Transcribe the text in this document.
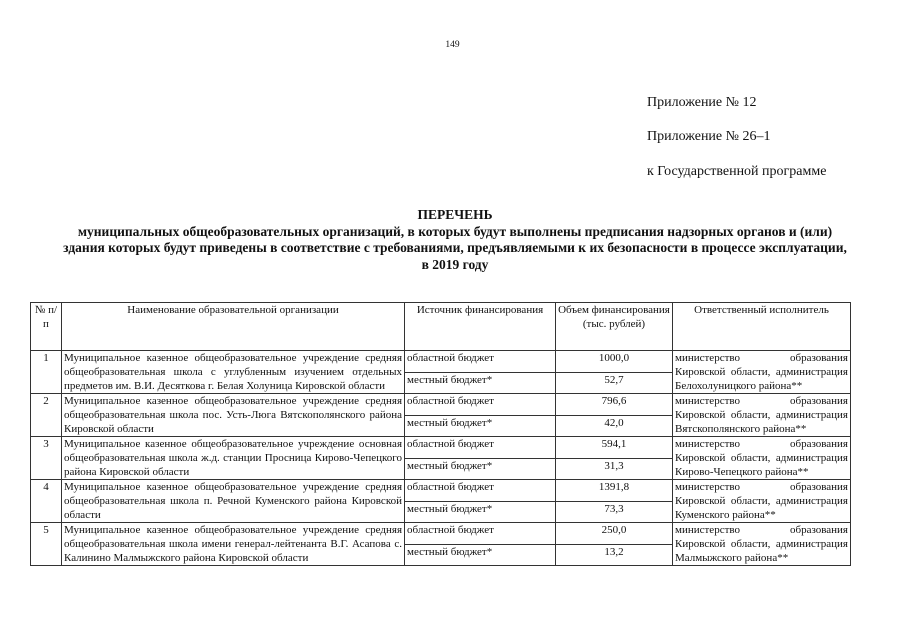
149
Приложение № 12
Приложение № 26–1
к Государственной программе
ПЕРЕЧЕНЬ
муниципальных общеобразовательных организаций, в которых будут выполнены предписания надзорных органов и (или) здания которых будут приведены в соответствие с требованиями, предъявляемыми к их безопасности в процессе эксплуатации, в 2019 году
№ п/п	Наименование образовательной организации	Источник финансирования	Объем финансирования (тыс. рублей)	Ответственный исполнитель
1	Муниципальное казенное общеобразовательное учреждение средняя общеобразовательная школа с углубленным изучением отдельных предметов им. В.И. Десяткова г. Белая Холуница Кировской области	областной бюджет	1000,0	министерство образования Кировской области, администрация Белохолуницкого района**
		местный бюджет*	52,7	
2	Муниципальное казенное общеобразовательное учреждение средняя общеобразовательная школа пос. Усть-Люга Вятскополянского района Кировской области	областной бюджет	796,6	министерство образования Кировской области, администрация Вятскополянского района**
		местный бюджет*	42,0	
3	Муниципальное казенное общеобразовательное учреждение основная общеобразовательная школа ж.д. станции Просница Кирово-Чепецкого района Кировской области	областной бюджет	594,1	министерство образования Кировской области, администрация Кирово-Чепецкого района**
		местный бюджет*	31,3	
4	Муниципальное казенное общеобразовательное учреждение средняя общеобразовательная школа п. Речной Куменского района Кировской области	областной бюджет	1391,8	министерство образования Кировской области, администрация Куменского района**
		местный бюджет*	73,3	
5	Муниципальное казенное общеобразовательное учреждение средняя общеобразовательная школа имени генерал-лейтенанта В.Г. Асапова с. Калинино Малмыжского района Кировской области	областной бюджет	250,0	министерство образования Кировской области, администрация Малмыжского района**
		местный бюджет*	13,2	
